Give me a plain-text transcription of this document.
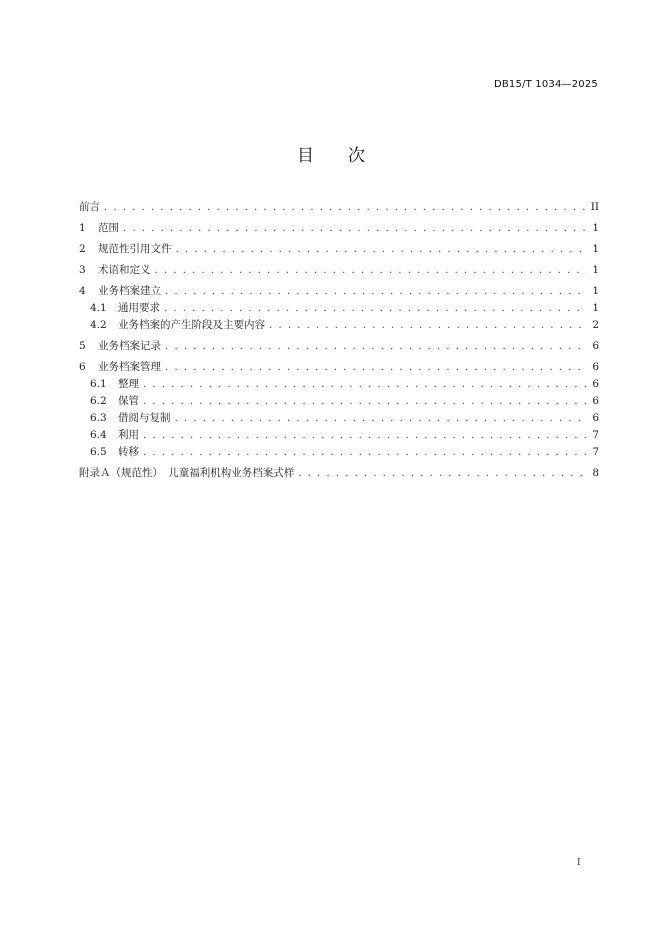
DB15/T 1034—2025
目 次
前言 . . .	II
1	范围 . . .	1
2	规范性引用文件 . . .	1
3	术语和定义 . . .	1
4	业务档案建立 . . .	1
4.1	通用要求 . . .	1
4.2	业务档案的产生阶段及主要内容 . . .	2
5	业务档案记录 . . .	6
6	业务档案管理 . . .	6
6.1	整理 . . .	6
6.2	保管 . . .	6
6.3	借阅与复制 . . .	6
6.4	利用 . . .	7
6.5	转移 . . .	7
附录Ａ（规范性）　儿童福利机构业务档案式样 . . .	8
I
